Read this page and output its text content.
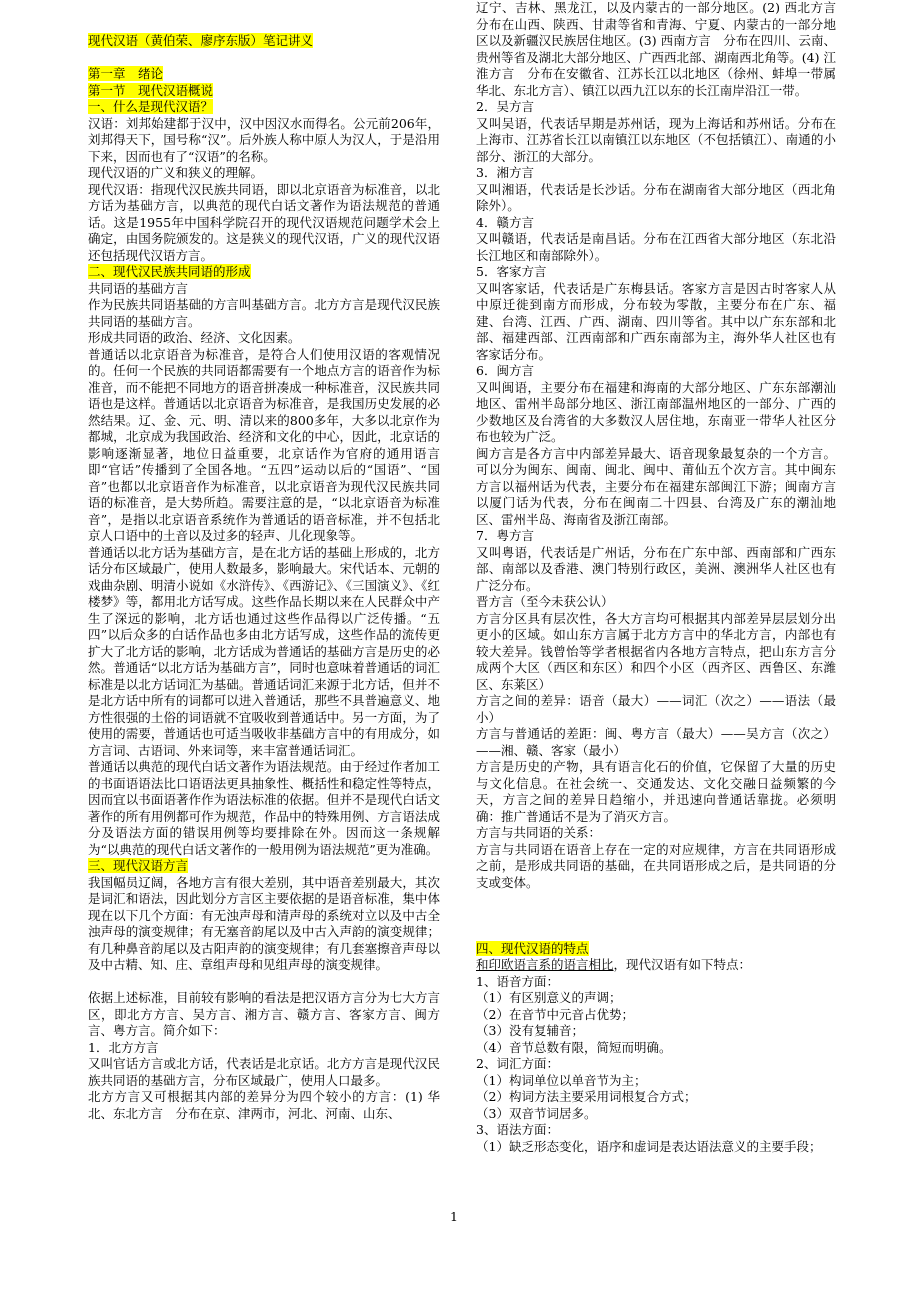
现代汉语（黄伯荣、廖序东版）笔记讲义

第一章　绪论

第一节　现代汉语概说

一、什么是现代汉语？

汉语：刘邦始建都于汉中，汉中因汉水而得名。公元前206年，刘邦得天下，国号称“汉”。后外族人称中原人为汉人，于是沿用下来，因而也有了“汉语”的名称。

现代汉语的广义和狭义的理解。

现代汉语：指现代汉民族共同语，即以北京语音为标准音，以北方话为基础方言，以典范的现代白话文著作为语法规范的普通话。这是1955年中国科学院召开的现代汉语规范问题学术会上确定，由国务院颁发的。这是狭义的现代汉语，广义的现代汉语还包括现代汉语方言。

二、现代汉民族共同语的形成

共同语的基础方言

作为民族共同语基础的方言叫基础方言。北方方言是现代汉民族共同语的基础方言。

形成共同语的政治、经济、文化因素。

普通话以北京语音为标准音，是符合人们使用汉语的客观情况的。任何一个民族的共同语都需要有一个地点方言的语音作为标准音，而不能把不同地方的语音拼凑成一种标准音，汉民族共同语也是这样。普通话以北京语音为标准音，是我国历史发展的必然结果。辽、金、元、明、清以来的800多年，大多以北京作为都城，北京成为我国政治、经济和文化的中心，因此，北京话的影响逐渐显著，地位日益重要，北京话作为官府的通用语言即“官话”传播到了全国各地。“五四”运动以后的“国语”、“国音”也都以北京语音作为标准音，以北京语音为现代汉民族共同语的标准音，是大势所趋。需要注意的是，“以北京语音为标准音”，是指以北京语音系统作为普通话的语音标准，并不包括北京人口语中的土音以及过多的轻声、儿化现象等。

普通话以北方话为基础方言，是在北方话的基础上形成的，北方话分布区域最广，使用人数最多，影响最大。宋代话本、元朝的戏曲杂剧、明清小说如《水浒传》、《西游记》、《三国演义》、《红楼梦》等，都用北方话写成。这些作品长期以来在人民群众中产生了深远的影响，北方话也通过这些作品得以广泛传播。“五四”以后众多的白话作品也多由北方话写成，这些作品的流传更扩大了北方话的影响，北方话成为普通话的基础方言是历史的必然。普通话“以北方话为基础方言”，同时也意味着普通话的词汇标准是以北方话词汇为基础。普通话词汇来源于北方话，但并不是北方话中所有的词都可以进入普通话，那些不具普遍意义、地方性很强的土俗的词语就不宜吸收到普通话中。另一方面，为了使用的需要，普通话也可适当吸收非基础方言中的有用成分，如方言词、古语词、外来词等，来丰富普通话词汇。

普通话以典范的现代白话文著作为语法规范。由于经过作者加工的书面语语法比口语语法更具抽象性、概括性和稳定性等特点，因而宜以书面语著作作为语法标准的依据。但并不是现代白话文著作的所有用例都可作为规范，作品中的特殊用例、方言语法成分及语法方面的错误用例等均要排除在外。因而这一条规解为“以典范的现代白话文著作的一般用例为语法规范”更为准确。

三、现代汉语方言

我国幅员辽阔，各地方言有很大差别，其中语音差别最大，其次是词汇和语法，因此划分方言区主要依据的是语音标准，集中体现在以下几个方面：有无浊声母和清声母的系统对立以及中古全浊声母的演变规律；有无塞音韵尾以及中古入声韵的演变规律；有几种鼻音韵尾以及古阳声韵的演变规律；有几套塞擦音声母以及中古精、知、庄、章组声母和见组声母的演变规律。

依据上述标准，目前较有影响的看法是把汉语方言分为七大方言区，即北方方言、吴方言、湘方言、赣方言、客家方言、闽方言、粤方言。简介如下：

1．北方方言

又叫官话方言或北方话，代表话是北京话。北方方言是现代汉民族共同语的基础方言，分布区域最广，使用人口最多。

北方方言又可根据其内部的差异分为四个较小的方言：(1) 华北、东北方言　分布在京、津两市，河北、河南、山东、

辽宁、吉林、黑龙江，以及内蒙古的一部分地区。(2) 西北方言　分布在山西、陕西、甘肃等省和青海、宁夏、内蒙古的一部分地区以及新疆汉民族居住地区。(3) 西南方言　分布在四川、云南、贵州等省及湖北大部分地区、广西西北部、湖南西北角等。(4) 江淮方言　分布在安徽省、江苏长江以北地区（徐州、蚌埠一带属华北、东北方言）、镇江以西九江以东的长江南岸沿江一带。

2．吴方言

又叫吴语，代表话早期是苏州话，现为上海话和苏州话。分布在上海市、江苏省长江以南镇江以东地区（不包括镇江）、南通的小部分、浙江的大部分。

3．湘方言

又叫湘语，代表话是长沙话。分布在湖南省大部分地区（西北角除外）。

4．赣方言

又叫赣语，代表话是南昌话。分布在江西省大部分地区（东北沿长江地区和南部除外）。

5．客家方言

又叫客家话，代表话是广东梅县话。客家方言是因古时客家人从中原迁徙到南方而形成，分布较为零散，主要分布在广东、福建、台湾、江西、广西、湖南、四川等省。其中以广东东部和北部、福建西部、江西南部和广西东南部为主，海外华人社区也有客家话分布。

6．闽方言

又叫闽语，主要分布在福建和海南的大部分地区、广东东部潮汕地区、雷州半岛部分地区、浙江南部温州地区的一部分、广西的少数地区及台湾省的大多数汉人居住地，东南亚一带华人社区分布也较为广泛。

闽方言是各方言中内部差异最大、语音现象最复杂的一个方言。可以分为闽东、闽南、闽北、闽中、莆仙五个次方言。其中闽东方言以福州话为代表，主要分布在福建东部闽江下游；闽南方言以厦门话为代表，分布在闽南二十四县、台湾及广东的潮汕地区、雷州半岛、海南省及浙江南部。

7．粤方言

又叫粤语，代表话是广州话，分布在广东中部、西南部和广西东部、南部以及香港、澳门特别行政区，美洲、澳洲华人社区也有广泛分布。

晋方言（至今未获公认）

方言分区具有层次性，各大方言均可根据其内部差异层层划分出更小的区域。如山东方言属于北方方言中的华北方言，内部也有较大差异。钱曾怡等学者根据省内各地方言特点，把山东方言分成两个大区（西区和东区）和四个小区（西齐区、西鲁区、东潍区、东莱区）

方言之间的差异：语音（最大）——词汇（次之）——语法（最小）

方言与普通话的差距：闽、粤方言（最大）——吴方言（次之）——湘、赣、客家（最小）

方言是历史的产物，具有语言化石的价值，它保留了大量的历史与文化信息。在社会统一、交通发达、文化交融日益频繁的今天，方言之间的差异日趋缩小，并迅速向普通话靠拢。必须明确：推广普通话不是为了消灭方言。

方言与共同语的关系：

方言与共同语在语音上存在一定的对应规律，方言在共同语形成之前，是形成共同语的基础，在共同语形成之后，是共同语的分支或变体。

四、现代汉语的特点

和印欧语言系的语言相比，现代汉语有如下特点：

1、语音方面：

（1）有区别意义的声调；

（2）在音节中元音占优势；

（3）没有复辅音；

（4）音节总数有限，简短而明确。

2、词汇方面：

（1）构词单位以单音节为主；

（2）构词方法主要采用词根复合方式；

（3）双音节词居多。

3、语法方面：

（1）缺乏形态变化，语序和虚词是表达语法意义的主要手段；

1
